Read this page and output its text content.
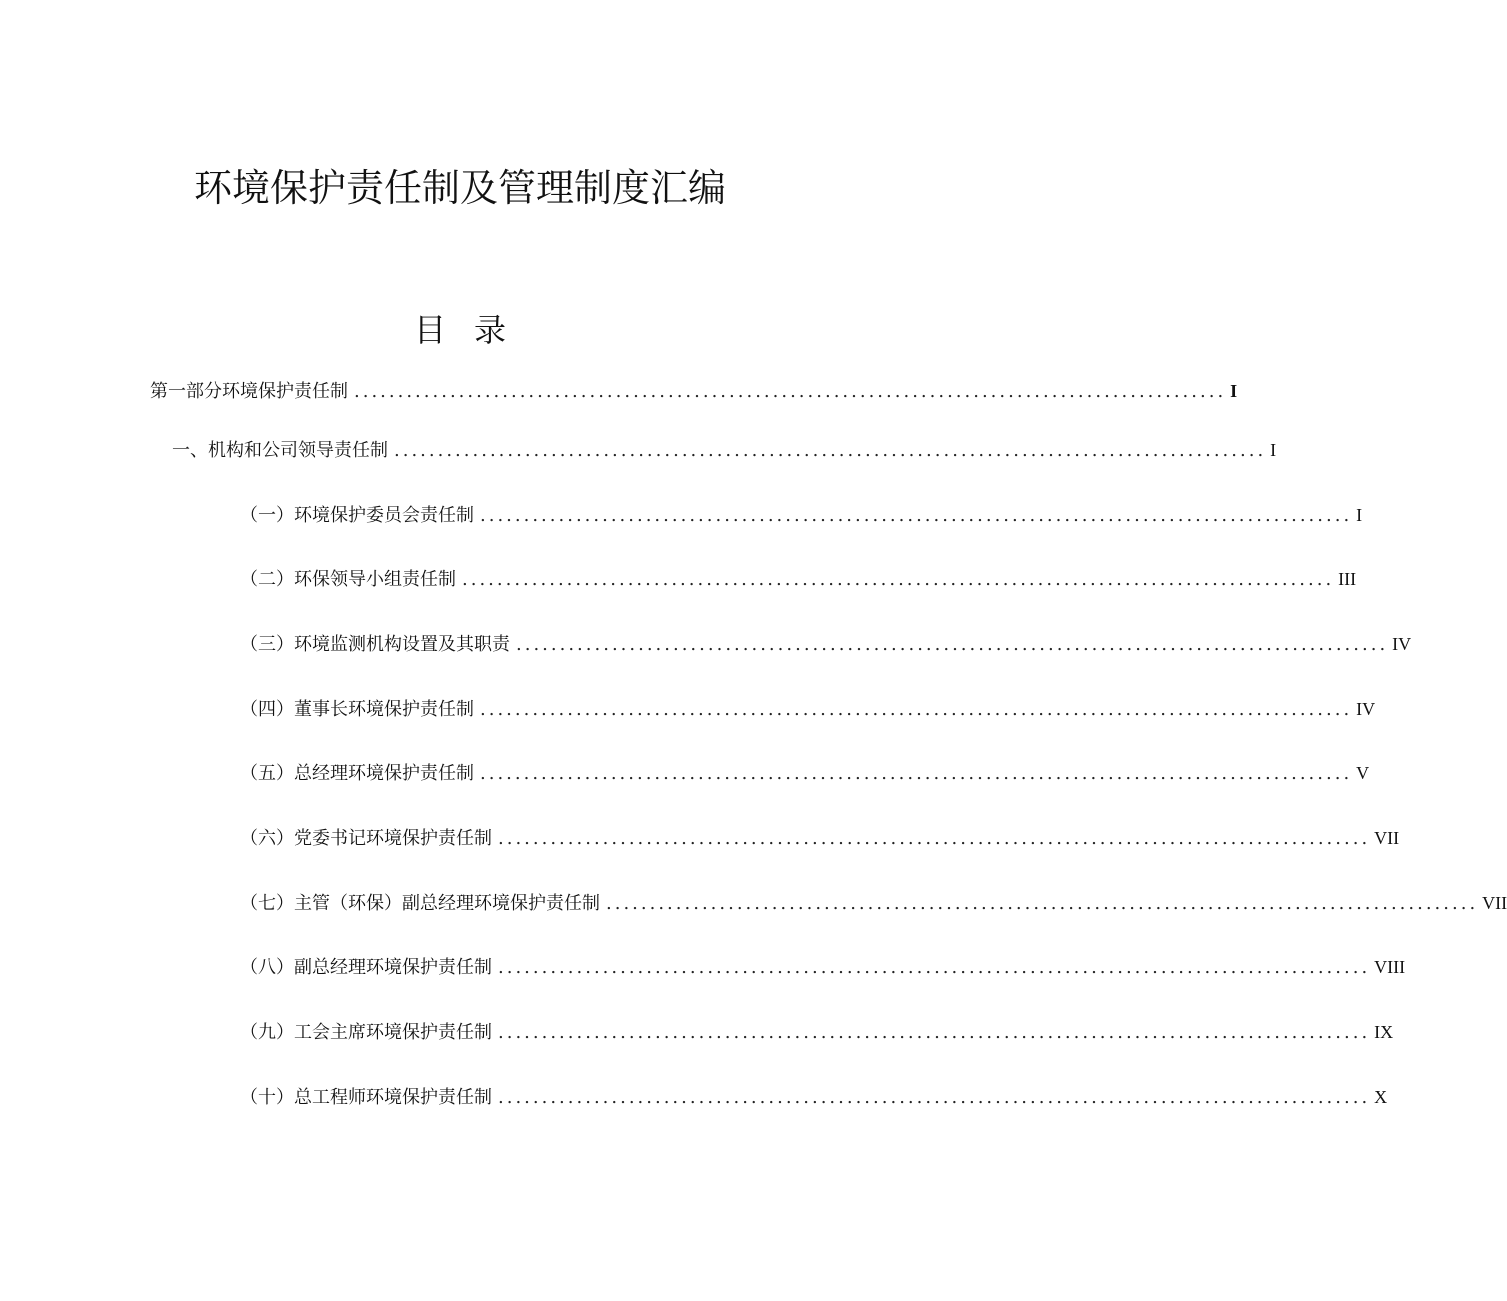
环境保护责任制及管理制度汇编
目 录
第一部分环境保护责任制 .................................................................................................... I
一、机构和公司领导责任制 .................................................................................................... I
（一）环境保护委员会责任制 .................................................................................................... I
（二）环保领导小组责任制 .................................................................................................... III
（三）环境监测机构设置及其职责 .................................................................................................... IV
（四）董事长环境保护责任制 .................................................................................................... IV
（五）总经理环境保护责任制 .................................................................................................... V
（六）党委书记环境保护责任制 .................................................................................................... VII
（七）主管（环保）副总经理环境保护责任制 .................................................................................................... VII
（八）副总经理环境保护责任制 .................................................................................................... VIII
（九）工会主席环境保护责任制 .................................................................................................... IX
（十）总工程师环境保护责任制 .................................................................................................... X
